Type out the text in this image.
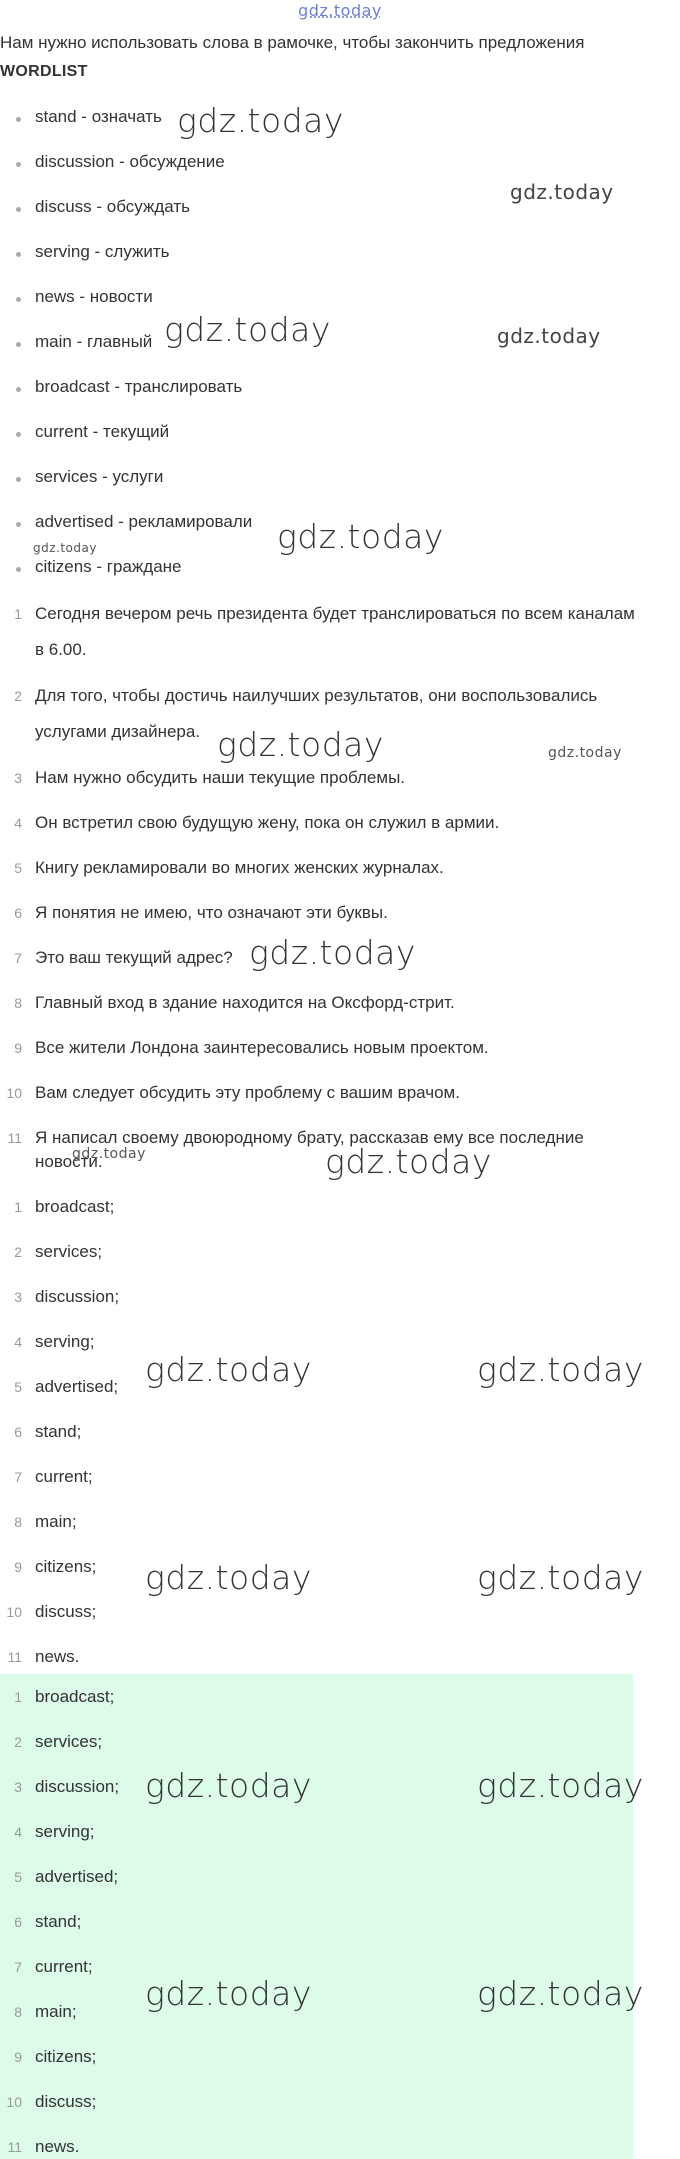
gdz.today
Нам нужно использовать слова в рамочке, чтобы закончить предложения
WORDLIST
stand - означать
discussion - обсуждение
discuss - обсуждать
serving - служить
news - новости
main - главный
broadcast - транслировать
current - текущий
services - услуги
advertised - рекламировали
citizens - граждане
1 Сегодня вечером речь президента будет транслироваться по всем каналам в 6.00.
2 Для того, чтобы достичь наилучших результатов, они воспользовались услугами дизайнера.
3 Нам нужно обсудить наши текущие проблемы.
4 Он встретил свою будущую жену, пока он служил в армии.
5 Книгу рекламировали во многих женских журналах.
6 Я понятия не имею, что означают эти буквы.
7 Это ваш текущий адрес?
8 Главный вход в здание находится на Оксфорд-стрит.
9 Все жители Лондона заинтересовались новым проектом.
10 Вам следует обсудить эту проблему с вашим врачом.
11 Я написал своему двоюродному брату, рассказав ему все последние новости.
1 broadcast;
2 services;
3 discussion;
4 serving;
5 advertised;
6 stand;
7 current;
8 main;
9 citizens;
10 discuss;
11 news.
1 broadcast;
2 services;
3 discussion;
4 serving;
5 advertised;
6 stand;
7 current;
8 main;
9 citizens;
10 discuss;
11 news.
gdz.today
gdz.today
gdz.today	gdz.today
gdz.today
gdz.today
gdz.today	gdz.today
gdz.today
gdz.today	gdz.today
gdz.today	gdz.today
gdz.today	gdz.today
gdz.today	gdz.today
gdz.today	gdz.today
